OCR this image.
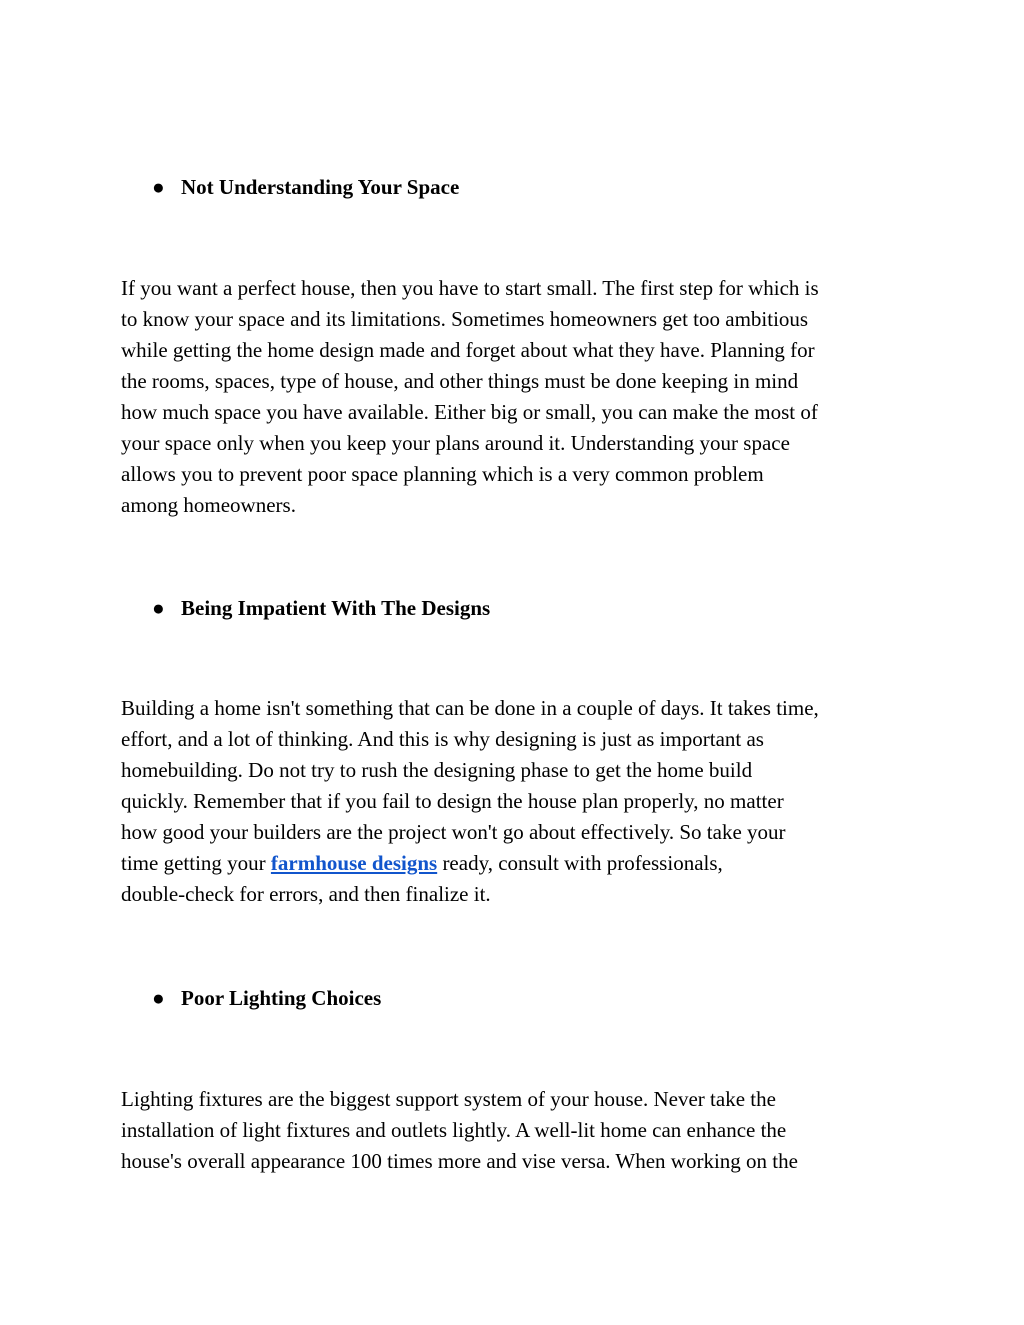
● Not Understanding Your Space
If you want a perfect house, then you have to start small. The first step for which is
to know your space and its limitations. Sometimes homeowners get too ambitious
while getting the home design made and forget about what they have. Planning for
the rooms, spaces, type of house, and other things must be done keeping in mind
how much space you have available. Either big or small, you can make the most of
your space only when you keep your plans around it. Understanding your space
allows you to prevent poor space planning which is a very common problem
among homeowners.
● Being Impatient With The Designs
Building a home isn't something that can be done in a couple of days. It takes time,
effort, and a lot of thinking. And this is why designing is just as important as
homebuilding. Do not try to rush the designing phase to get the home build
quickly. Remember that if you fail to design the house plan properly, no matter
how good your builders are the project won't go about effectively. So take your
time getting your farmhouse designs ready, consult with professionals,
double-check for errors, and then finalize it.
● Poor Lighting Choices
Lighting fixtures are the biggest support system of your house. Never take the
installation of light fixtures and outlets lightly. A well-lit home can enhance the
house's overall appearance 100 times more and vise versa. When working on the
